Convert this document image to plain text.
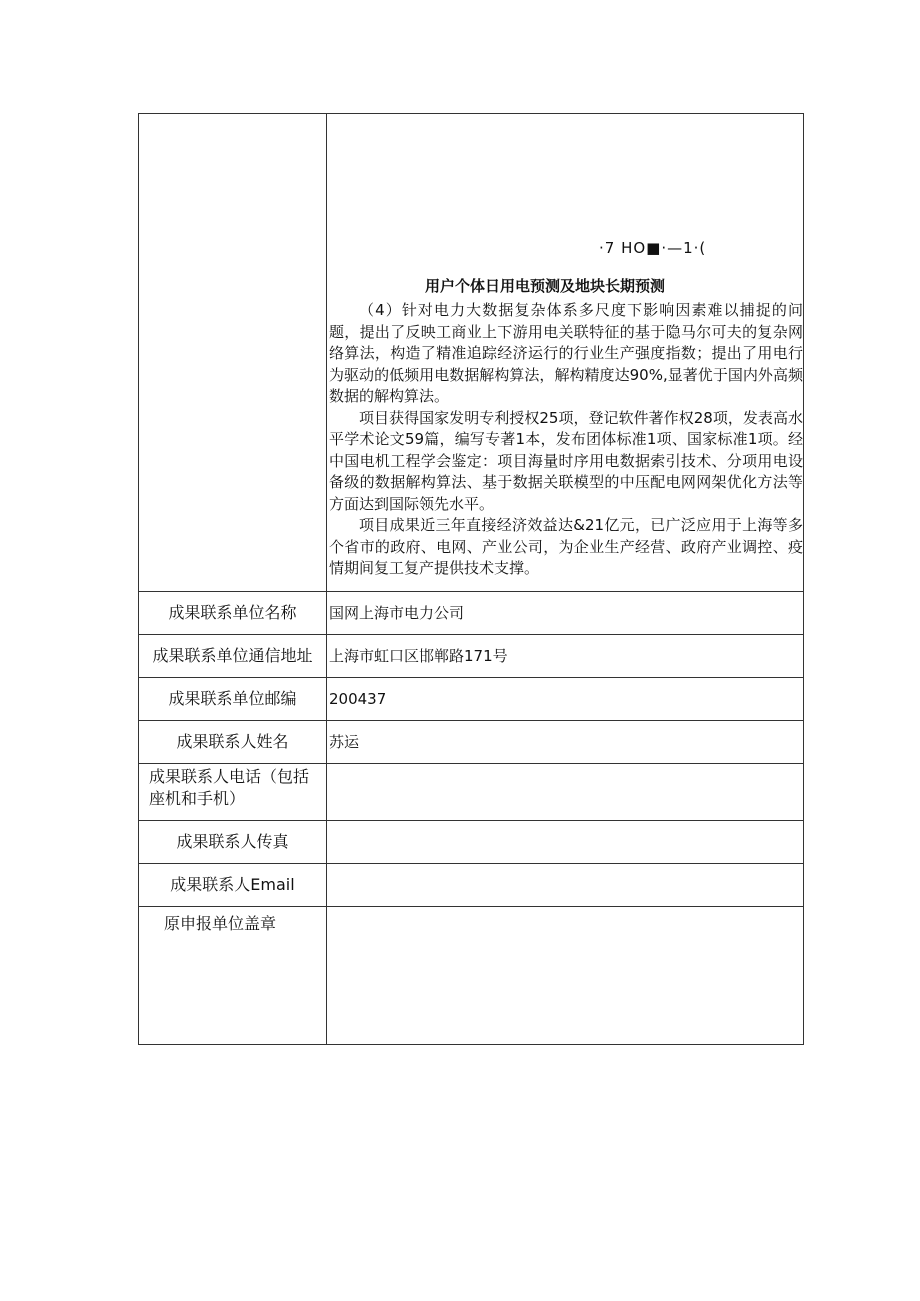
	·7 HO■·—1·(
用户个体日用电预测及地块长期预测

（4）针对电力大数据复杂体系多尺度下影响因素难以捕捉的问题，提出了反映工商业上下游用电关联特征的基于隐马尔可夫的复杂网络算法，构造了精准追踪经济运行的行业生产强度指数；提出了用电行为驱动的低频用电数据解构算法，解构精度达90%,显著优于国内外高频数据的解构算法。

项目获得国家发明专利授权25项，登记软件著作权28项，发表高水平学术论文59篇，编写专著1本，发布团体标准1项、国家标准1项。经中国电机工程学会鉴定：项目海量时序用电数据索引技术、分项用电设备级的数据解构算法、基于数据关联模型的中压配电网网架优化方法等方面达到国际领先水平。

项目成果近三年直接经济效益达&21亿元，已广泛应用于上海等多个省市的政府、电网、产业公司，为企业生产经营、政府产业调控、疫情期间复工复产提供技术支撑。

成果联系单位名称	国网上海市电力公司
成果联系单位通信地址	上海市虹口区邯郸路171号
成果联系单位邮编	200437
成果联系人姓名	苏运
成果联系人电话（包括座机和手机）	
成果联系人传真	
成果联系人Email	
原申报单位盖章	
